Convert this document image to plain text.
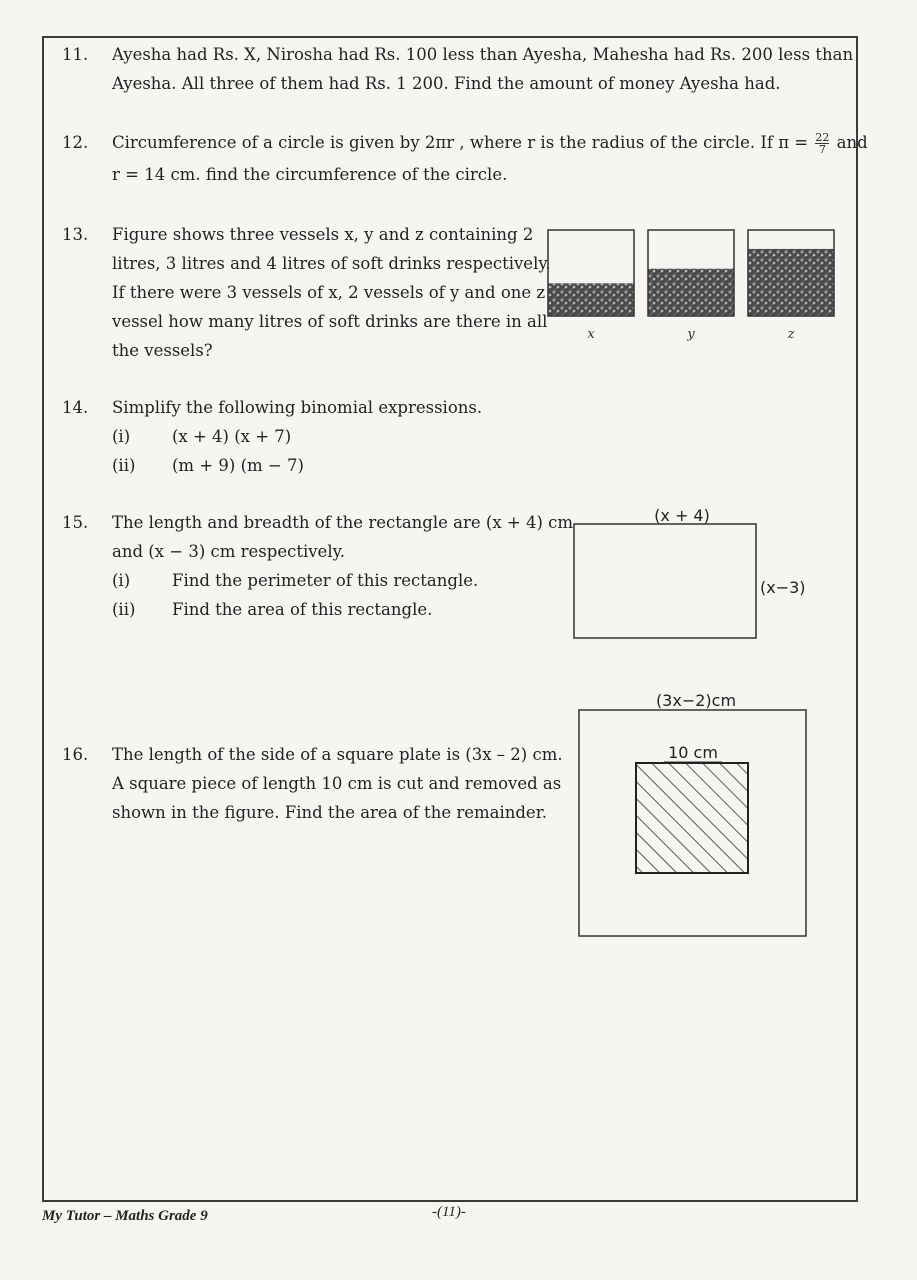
11. Ayesha had Rs. X, Nirosha had Rs. 100 less than Ayesha, Mahesha had Rs. 200 less than
Ayesha. All three of them had Rs. 1 200. Find the amount of money Ayesha had.
12. Circumference of a circle is given by 2πr , where r is the radius of the circle. If $\pi = \frac{22}{7}$ and
r = 14 cm. find the circumference of the circle.
13. Figure shows three vessels x, y and z containing 2
litres, 3 litres and 4 litres of soft drinks respectively.
If there were 3 vessels of x, 2 vessels of y and one z
vessel how many litres of soft drinks are there in all
the vessels?
x	y	z
14. Simplify the following binomial expressions.
(i)	(x + 4) (x + 7)
(ii)	(m + 9) (m − 7)
15. The length and breadth of the rectangle are (x + 4) cm
and (x − 3) cm respectively.
(i)	Find the perimeter of this rectangle.
(ii)	Find the area of this rectangle.
(x + 4)
(x−3)
16. The length of the side of a square plate is (3x – 2) cm.
A square piece of length 10 cm is cut and removed as
shown in the figure. Find the area of the remainder.
(3x−2)cm
10 cm
My Tutor – Maths Grade 9	-(11)-
